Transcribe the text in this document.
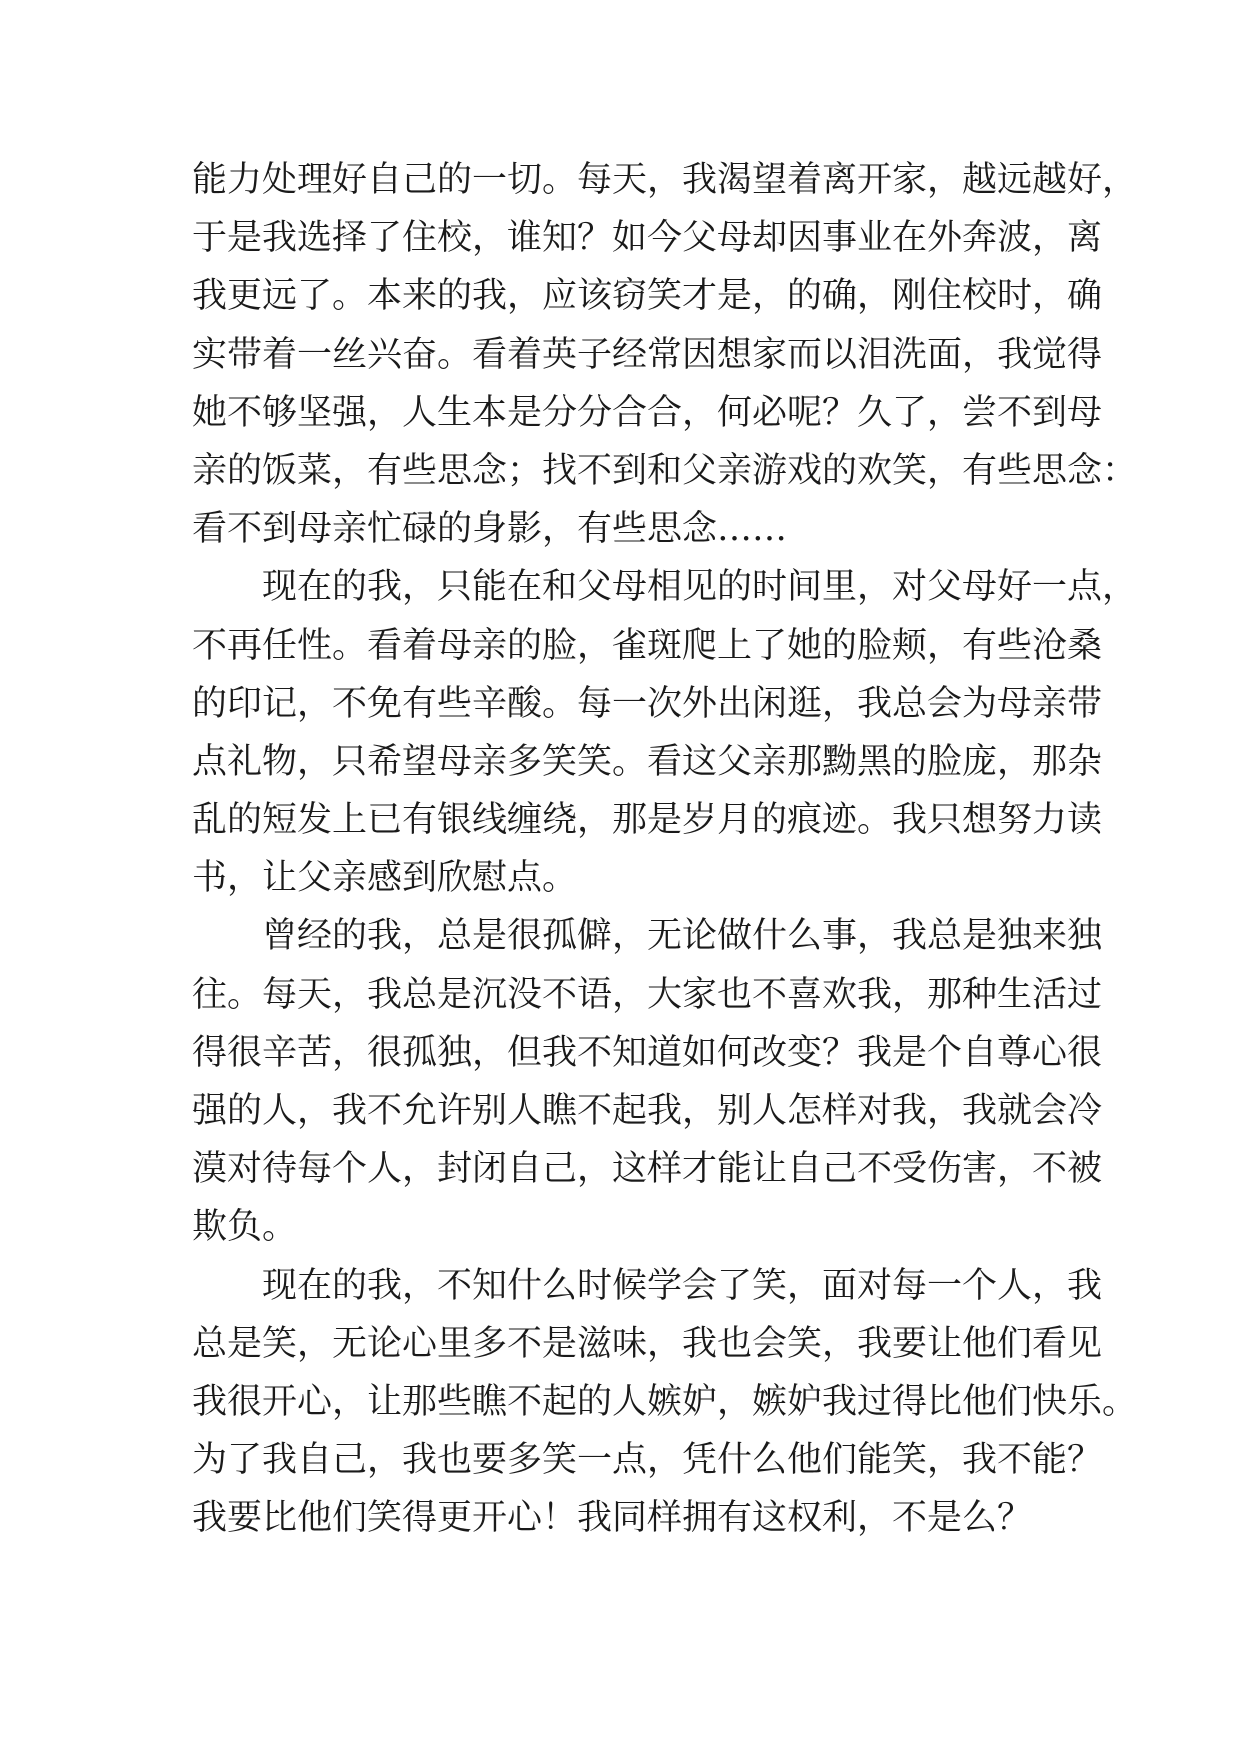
能力处理好自己的一切。每天，我渴望着离开家，越远越好，
于是我选择了住校，谁知？如今父母却因事业在外奔波，离
我更远了。本来的我，应该窃笑才是，的确，刚住校时，确
实带着一丝兴奋。看着英子经常因想家而以泪洗面，我觉得
她不够坚强，人生本是分分合合，何必呢？久了，尝不到母
亲的饭菜，有些思念；找不到和父亲游戏的欢笑，有些思念：
看不到母亲忙碌的身影，有些思念……
现在的我，只能在和父母相见的时间里，对父母好一点，
不再任性。看着母亲的脸，雀斑爬上了她的脸颊，有些沧桑
的印记，不免有些辛酸。每一次外出闲逛，我总会为母亲带
点礼物，只希望母亲多笑笑。看这父亲那黝黑的脸庞，那杂
乱的短发上已有银线缠绕，那是岁月的痕迹。我只想努力读
书，让父亲感到欣慰点。
曾经的我，总是很孤僻，无论做什么事，我总是独来独
往。每天，我总是沉没不语，大家也不喜欢我，那种生活过
得很辛苦，很孤独，但我不知道如何改变？我是个自尊心很
强的人，我不允许别人瞧不起我，别人怎样对我，我就会冷
漠对待每个人，封闭自己，这样才能让自己不受伤害，不被
欺负。
现在的我，不知什么时候学会了笑，面对每一个人，我
总是笑，无论心里多不是滋味，我也会笑，我要让他们看见
我很开心，让那些瞧不起的人嫉妒，嫉妒我过得比他们快乐。
为了我自己，我也要多笑一点，凭什么他们能笑，我不能？
我要比他们笑得更开心！我同样拥有这权利，不是么？
